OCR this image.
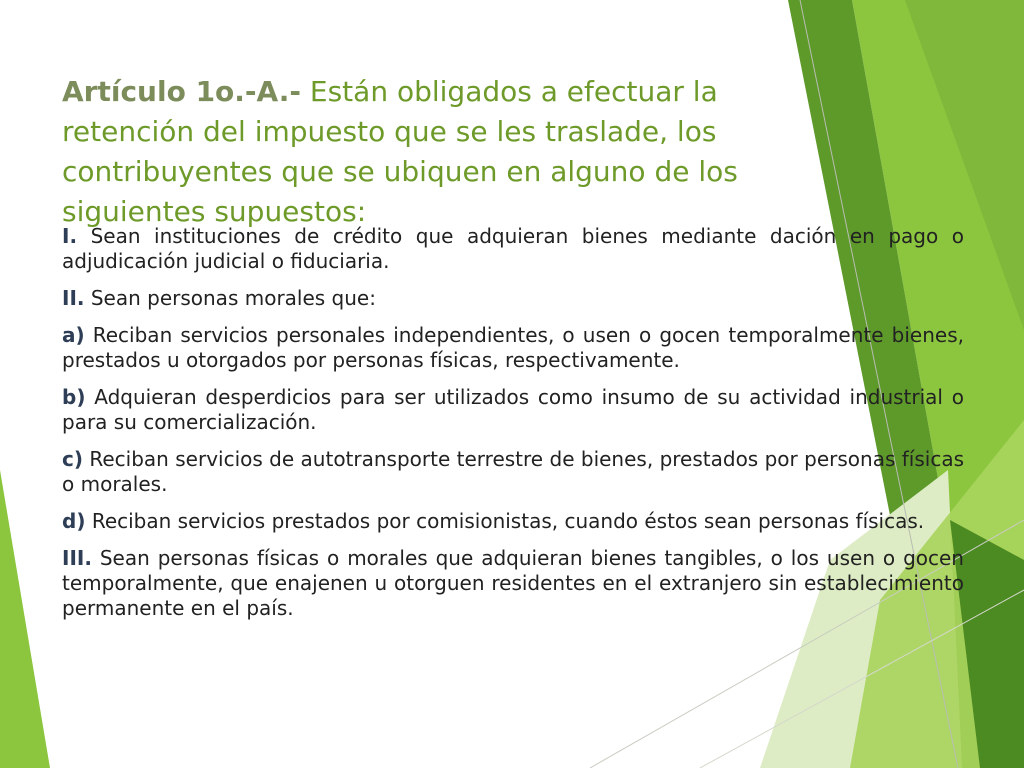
Artículo 1o.-A.- Están obligados a efectuar la retención del impuesto que se les traslade, los contribuyentes que se ubiquen en alguno de los siguientes supuestos:

I. Sean instituciones de crédito que adquieran bienes mediante dación en pago o adjudicación judicial o fiduciaria.

II. Sean personas morales que:

a) Reciban servicios personales independientes, o usen o gocen temporalmente bienes, prestados u otorgados por personas físicas, respectivamente.

b) Adquieran desperdicios para ser utilizados como insumo de su actividad industrial o para su comercialización.

c) Reciban servicios de autotransporte terrestre de bienes, prestados por personas físicas o morales.

d) Reciban servicios prestados por comisionistas, cuando éstos sean personas físicas.

III. Sean personas físicas o morales que adquieran bienes tangibles, o los usen o gocen temporalmente, que enajenen u otorguen residentes en el extranjero sin establecimiento permanente en el país.
